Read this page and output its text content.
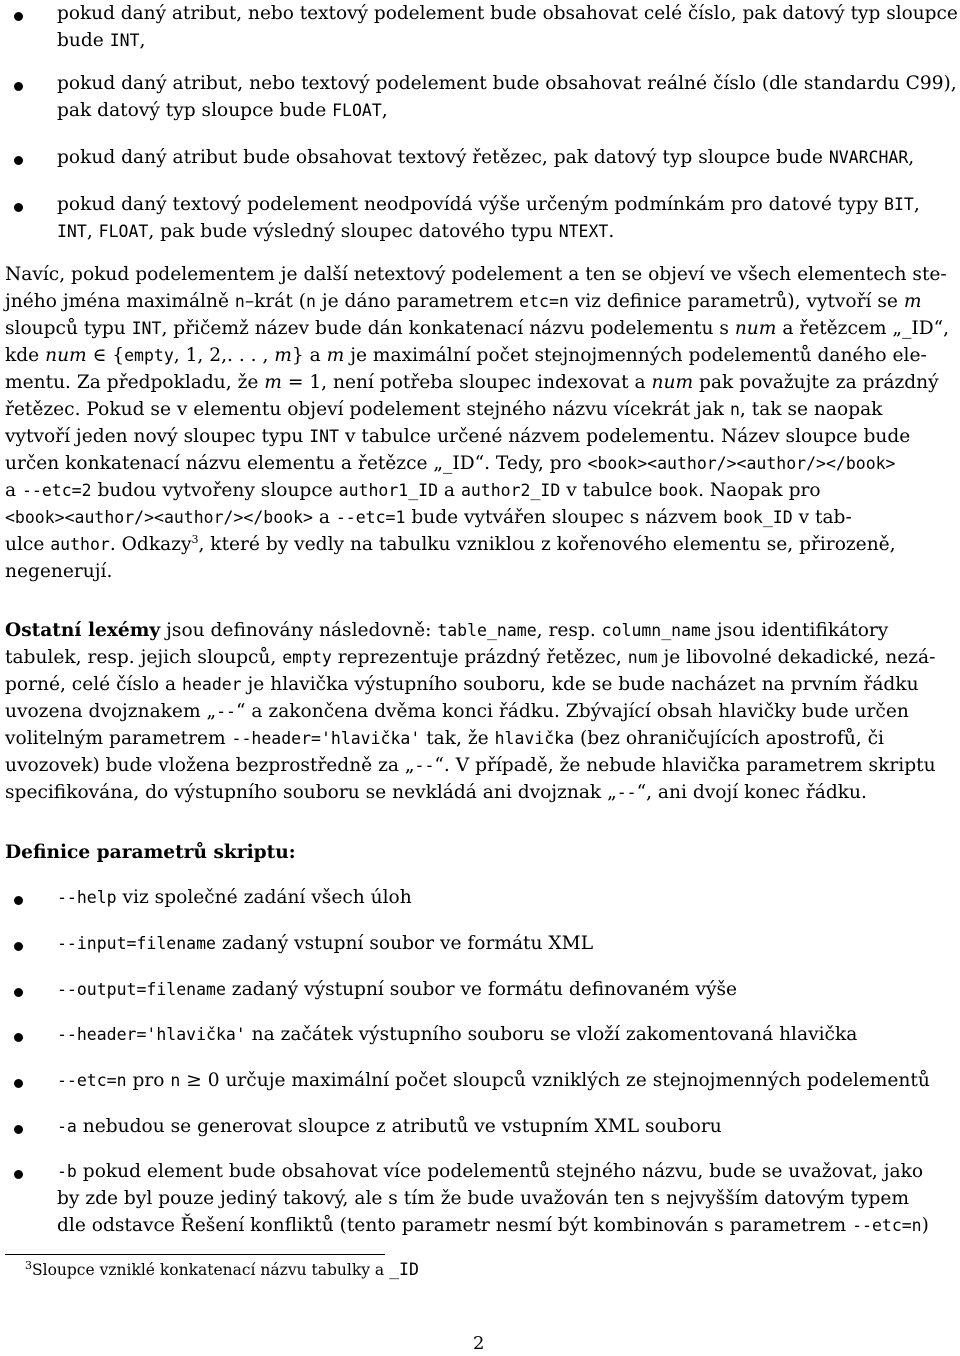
pokud daný atribut, nebo textový podelement bude obsahovat celé číslo, pak datový typ sloupce
bude INT,
pokud daný atribut, nebo textový podelement bude obsahovat reálné číslo (dle standardu C99),
pak datový typ sloupce bude FLOAT,
pokud daný atribut bude obsahovat textový řetězec, pak datový typ sloupce bude NVARCHAR,
pokud daný textový podelement neodpovídá výše určeným podmínkám pro datové typy BIT,
INT, FLOAT, pak bude výsledný sloupec datového typu NTEXT.
Navíc, pokud podelementem je další netextový podelement a ten se objeví ve všech elementech ste-
jného jména maximálně n–krát (n je dáno parametrem etc=n viz definice parametrů), vytvoří se m
sloupců typu INT, přičemž název bude dán konkatenací názvu podelementu s num a řetězcem „_ID“,
kde num ∈ {empty, 1, 2,. . . , m} a m je maximální počet stejnojmenných podelementů daného ele-
mentu. Za předpokladu, že m = 1, není potřeba sloupec indexovat a num pak považujte za prázdný
řetězec. Pokud se v elementu objeví podelement stejného názvu vícekrát jak n, tak se naopak
vytvoří jeden nový sloupec typu INT v tabulce určené názvem podelementu. Název sloupce bude
určen konkatenací názvu elementu a řetězce „_ID“. Tedy, pro <book><author/><author/></book>
a --etc=2 budou vytvořeny sloupce author1_ID a author2_ID v tabulce book. Naopak pro
<book><author/><author/></book> a --etc=1 bude vytvářen sloupec s názvem book_ID v tab-
ulce author. Odkazy$^3$, které by vedly na tabulku vzniklou z kořenového elementu se, přirozeně,
negenerují.
Ostatní lexémy jsou definovány následovně: table_name, resp. column_name jsou identifikátory
tabulek, resp. jejich sloupců, empty reprezentuje prázdný řetězec, num je libovolné dekadické, nezá-
porné, celé číslo a header je hlavička výstupního souboru, kde se bude nacházet na prvním řádku
uvozena dvojznakem „--“ a zakončena dvěma konci řádku. Zbývající obsah hlavičky bude určen
volitelným parametrem --header='hlavička' tak, že hlavička (bez ohraničujících apostrofů, či
uvozovek) bude vložena bezprostředně za „--“. V případě, že nebude hlavička parametrem skriptu
specifikována, do výstupního souboru se nevkládá ani dvojznak „--“, ani dvojí konec řádku.
Definice parametrů skriptu:
--help viz společné zadání všech úloh
--input=filename zadaný vstupní soubor ve formátu XML
--output=filename zadaný výstupní soubor ve formátu definovaném výše
--header='hlavička' na začátek výstupního souboru se vloží zakomentovaná hlavička
--etc=n pro n ≥ 0 určuje maximální počet sloupců vzniklých ze stejnojmenných podelementů
-a nebudou se generovat sloupce z atributů ve vstupním XML souboru
-b pokud element bude obsahovat více podelementů stejného názvu, bude se uvažovat, jako
by zde byl pouze jediný takový, ale s tím že bude uvažován ten s nejvyšším datovým typem
dle odstavce Řešení konfliktů (tento parametr nesmí být kombinován s parametrem --etc=n)
$^3$Sloupce vzniklé konkatenací názvu tabulky a _ID
2
